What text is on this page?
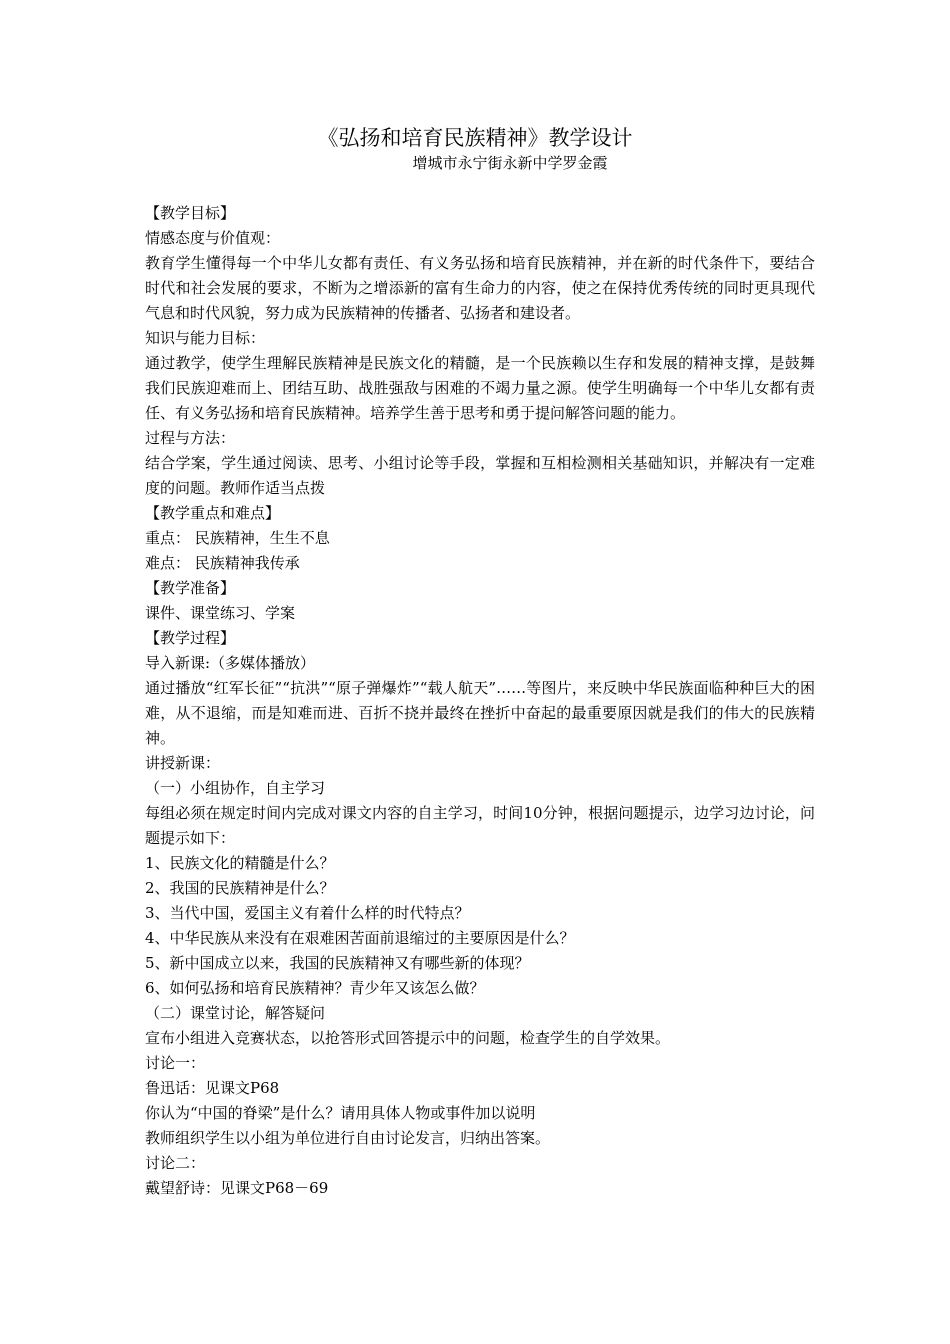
《弘扬和培育民族精神》教学设计
增城市永宁街永新中学罗金霞

【教学目标】

情感态度与价值观：

教育学生懂得每一个中华儿女都有责任、有义务弘扬和培育民族精神，并在新的时代条件下，要结合时代和社会发展的要求，不断为之增添新的富有生命力的内容，使之在保持优秀传统的同时更具现代气息和时代风貌，努力成为民族精神的传播者、弘扬者和建设者。

知识与能力目标：

通过教学，使学生理解民族精神是民族文化的精髓，是一个民族赖以生存和发展的精神支撑，是鼓舞我们民族迎难而上、团结互助、战胜强敌与困难的不竭力量之源。使学生明确每一个中华儿女都有责任、有义务弘扬和培育民族精神。培养学生善于思考和勇于提问解答问题的能力。

过程与方法：

结合学案，学生通过阅读、思考、小组讨论等手段，掌握和互相检测相关基础知识，并解决有一定难度的问题。教师作适当点拨

【教学重点和难点】

重点： 民族精神，生生不息

难点： 民族精神我传承

【教学准备】

课件、课堂练习、学案

【教学过程】

导入新课:（多媒体播放）

通过播放“红军长征”“抗洪”“原子弹爆炸”“载人航天”……等图片，来反映中华民族面临种种巨大的困难，从不退缩，而是知难而进、百折不挠并最终在挫折中奋起的最重要原因就是我们的伟大的民族精神。

讲授新课：

（一）小组协作，自主学习

每组必须在规定时间内完成对课文内容的自主学习，时间10分钟，根据问题提示，边学习边讨论，问题提示如下：

1、民族文化的精髓是什么？

2、我国的民族精神是什么？

3、当代中国，爱国主义有着什么样的时代特点？

4、中华民族从来没有在艰难困苦面前退缩过的主要原因是什么？

5、新中国成立以来，我国的民族精神又有哪些新的体现？

6、如何弘扬和培育民族精神？青少年又该怎么做？

（二）课堂讨论，解答疑问

宣布小组进入竞赛状态，以抢答形式回答提示中的问题，检查学生的自学效果。

讨论一：

鲁迅话：见课文P68

你认为“中国的脊梁”是什么？请用具体人物或事件加以说明

教师组织学生以小组为单位进行自由讨论发言，归纳出答案。

讨论二：

戴望舒诗：见课文P68－69
